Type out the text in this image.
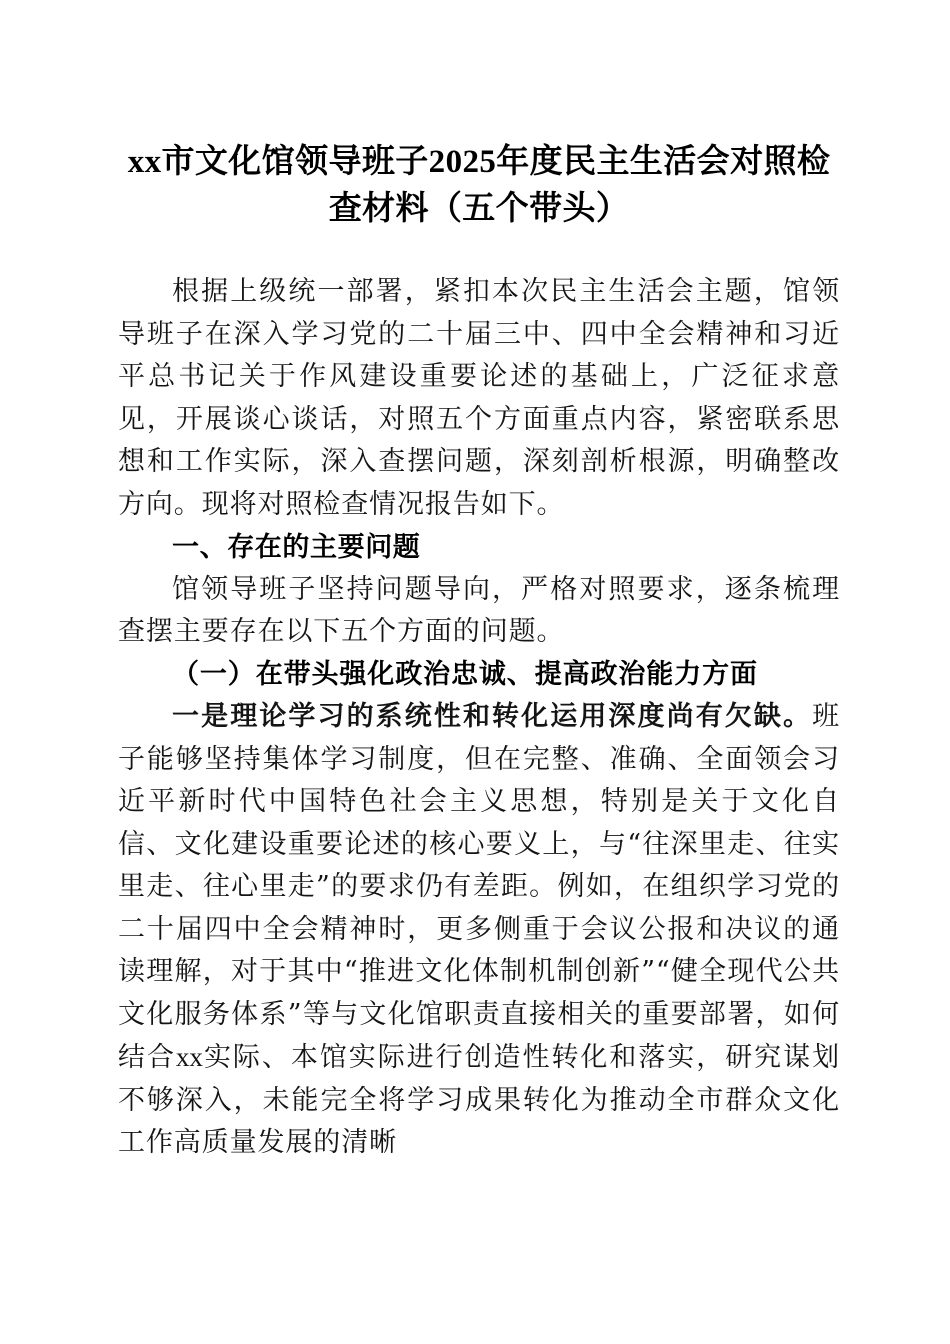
xx市文化馆领导班子2025年度民主生活会对照检查材料（五个带头）

根据上级统一部署，紧扣本次民主生活会主题，馆领导班子在深入学习党的二十届三中、四中全会精神和习近平总书记关于作风建设重要论述的基础上，广泛征求意见，开展谈心谈话，对照五个方面重点内容，紧密联系思想和工作实际，深入查摆问题，深刻剖析根源，明确整改方向。现将对照检查情况报告如下。

一、存在的主要问题

馆领导班子坚持问题导向，严格对照要求，逐条梳理查摆主要存在以下五个方面的问题。

（一）在带头强化政治忠诚、提高政治能力方面

一是理论学习的系统性和转化运用深度尚有欠缺。班子能够坚持集体学习制度，但在完整、准确、全面领会习近平新时代中国特色社会主义思想，特别是关于文化自信、文化建设重要论述的核心要义上，与“往深里走、往实里走、往心里走”的要求仍有差距。例如，在组织学习党的二十届四中全会精神时，更多侧重于会议公报和决议的通读理解，对于其中“推进文化体制机制创新”“健全现代公共文化服务体系”等与文化馆职责直接相关的重要部署，如何结合xx实际、本馆实际进行创造性转化和落实，研究谋划不够深入，未能完全将学习成果转化为推动全市群众文化工作高质量发展的清晰
